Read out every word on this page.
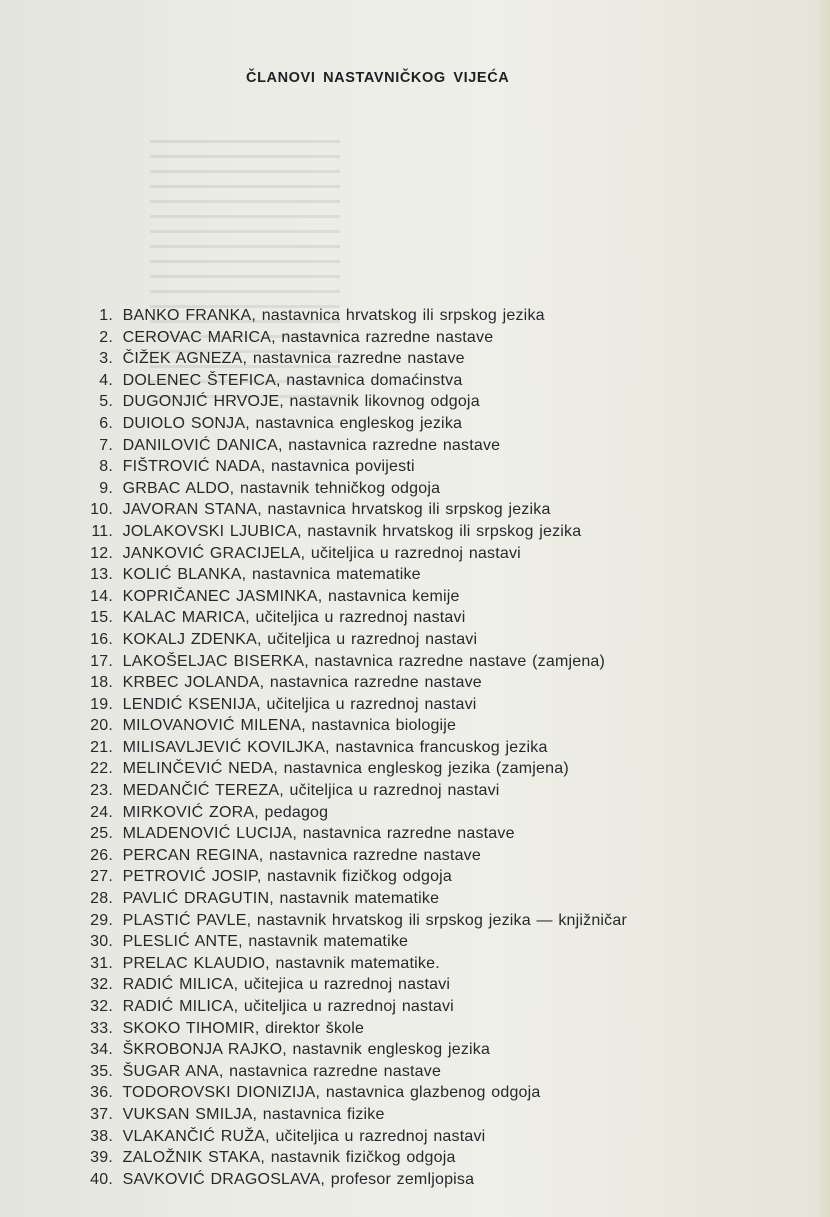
ČLANOVI NASTAVNIČKOG VIJEĆA
1. BANKO FRANKA, nastavnica hrvatskog ili srpskog jezika
2. CEROVAC MARICA, nastavnica razredne nastave
3. ČIŽEK AGNEZA, nastavnica razredne nastave
4. DOLENEC ŠTEFICA, nastavnica domaćinstva
5. DUGONJIĆ HRVOJE, nastavnik likovnog odgoja
6. DUIOLO SONJA, nastavnica engleskog jezika
7. DANILOVIĆ DANICA, nastavnica razredne nastave
8. FIŠTROVIĆ NADA, nastavnica povijesti
9. GRBAC ALDO, nastavnik tehničkog odgoja
10. JAVORAN STANA, nastavnica hrvatskog ili srpskog jezika
11. JOLAKOVSKI LJUBICA, nastavnik hrvatskog ili srpskog jezika
12. JANKOVIĆ GRACIJELA, učiteljica u razrednoj nastavi
13. KOLIĆ BLANKA, nastavnica matematike
14. KOPRIČANEC JASMINKA, nastavnica kemije
15. KALAC MARICA, učiteljica u razrednoj nastavi
16. KOKALJ ZDENKA, učiteljica u razrednoj nastavi
17. LAKOŠELJAC BISERKA, nastavnica razredne nastave (zamjena)
18. KRBEC JOLANDA, nastavnica razredne nastave
19. LENDIĆ KSENIJA, učiteljica u razrednoj nastavi
20. MILOVANOVIĆ MILENA, nastavnica biologije
21. MILISAVLJEVIĆ KOVILJKA, nastavnica francuskog jezika
22. MELINČEVIĆ NEDA, nastavnica engleskog jezika (zamjena)
23. MEDANČIĆ TEREZA, učiteljica u razrednoj nastavi
24. MIRKOVIĆ ZORA, pedagog
25. MLADENOVIĆ LUCIJA, nastavnica razredne nastave
26. PERCAN REGINA, nastavnica razredne nastave
27. PETROVIĆ JOSIP, nastavnik fizičkog odgoja
28. PAVLIĆ DRAGUTIN, nastavnik matematike
29. PLASTIĆ PAVLE, nastavnik hrvatskog ili srpskog jezika — knjižničar
30. PLESLIĆ ANTE, nastavnik matematike
31. PRELAC KLAUDIO, nastavnik matematike.
32. RADIĆ MILICA, učitejica u razrednoj nastavi
32. RADIĆ MILICA, učiteljica u razrednoj nastavi
33. SKOKO TIHOMIR, direktor škole
34. ŠKROBONJA RAJKO, nastavnik engleskog jezika
35. ŠUGAR ANA, nastavnica razredne nastave
36. TODOROVSKI DIONIZIJA, nastavnica glazbenog odgoja
37. VUKSAN SMILJA, nastavnica fizike
38. VLAKANČIĆ RUŽA, učiteljica u razrednoj nastavi
39. ZALOŽNIK STAKA, nastavnik fizičkog odgoja
40. SAVKOVIĆ DRAGOSLAVA, profesor zemljopisa
